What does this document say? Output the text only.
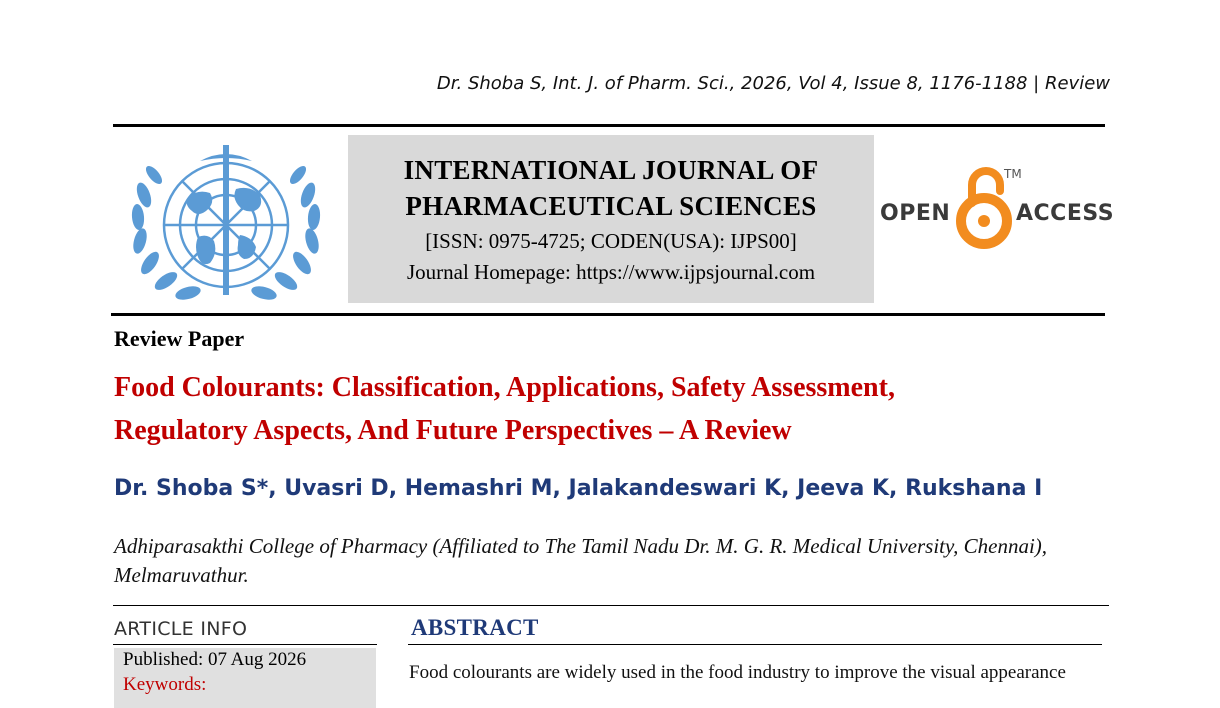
Dr. Shoba S, Int. J. of Pharm. Sci., 2026, Vol 4, Issue 8, 1176-1188 | Review
INTERNATIONAL JOURNAL OF
PHARMACEUTICAL SCIENCES
[ISSN: 0975-4725; CODEN(USA): IJPS00]
Journal Homepage: https://www.ijpsjournal.com
OPEN	ACCESS
TM
Review Paper
Food Colourants: Classification, Applications, Safety Assessment,
Regulatory Aspects, And Future Perspectives – A Review
Dr. Shoba S*, Uvasri D, Hemashri M, Jalakandeswari K, Jeeva K, Rukshana I
Adhiparasakthi College of Pharmacy (Affiliated to The Tamil Nadu Dr. M. G. R. Medical University, Chennai),
Melmaruvathur.
ARTICLE INFO
Published: 07 Aug 2026
Keywords:
ABSTRACT
Food colourants are widely used in the food industry to improve the visual appearance
